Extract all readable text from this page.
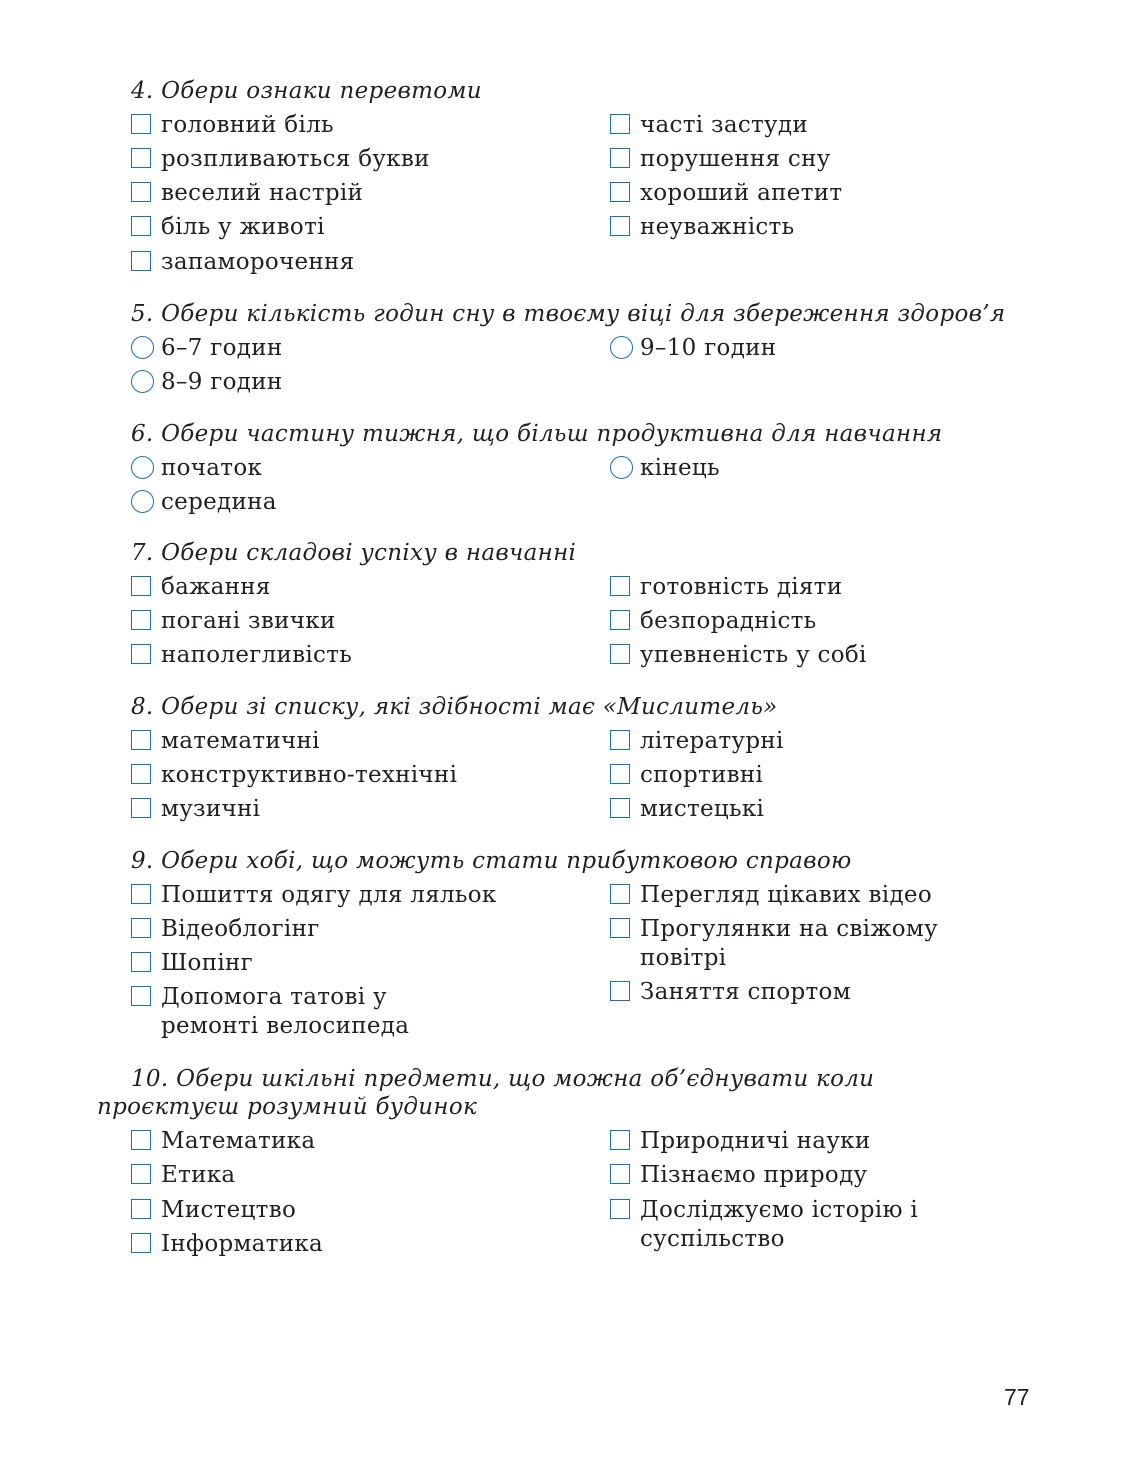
4. Обери ознаки перевтоми
головний біль
розпливаються букви
веселий настрій
біль у животі
запаморочення
часті застуди
порушення сну
хороший апетит
неуважність
5. Обери кількість годин сну в твоєму віці для збереження здоров’я
6–7 годин
8–9 годин
9–10 годин
6. Обери частину тижня, що більш продуктивна для навчання
початок
середина
кінець
7. Обери складові успіху в навчанні
бажання
погані звички
наполегливість
готовність діяти
безпорадність
упевненість у собі
8. Обери зі списку, які здібності має «Мислитель»
математичні
конструктивно-технічні
музичні
літературні
спортивні
мистецькі
9. Обери хобі, що можуть стати прибутковою справою
Пошиття одягу для ляльок
Відеоблогінг
Шопінг
Допомога татові у ремонті велосипеда
Перегляд цікавих відео
Прогулянки на свіжому повітрі
Заняття спортом
10. Обери шкільні предмети, що можна об’єднувати коли проєктуєш розумний будинок
Математика
Етика
Мистецтво
Інформатика
Природничі науки
Пізнаємо природу
Досліджуємо історію і суспільство
77
